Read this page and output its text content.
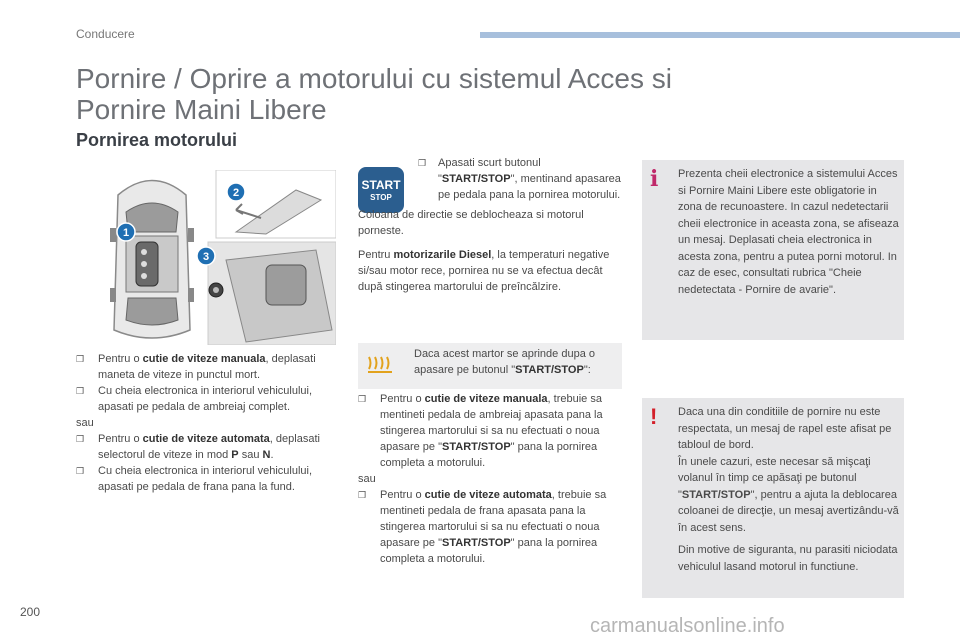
Conducere
Pornire / Oprire a motorului cu sistemul Acces si
Pornire Maini Libere
Pornirea motorului
1
2
3
❒ Pentru o cutie de viteze manuala, deplasati maneta de viteze in punctul mort.
❒ Cu cheia electronica in interiorul vehiculului, apasati pe pedala de ambreiaj complet.
sau
❒ Pentru o cutie de viteze automata, deplasati selectorul de viteze in mod P sau N.
❒ Cu cheia electronica in interiorul vehiculului, apasati pe pedala de frana pana la fund.
START
STOP
❒ Apasati scurt butonul "START/STOP", mentinand apasarea pe pedala pana la pornirea motorului.
Coloana de directie se deblocheaza si motorul porneste.
Pentru motorizarile Diesel, la temperaturi negative si/sau motor rece, pornirea nu se va efectua decât după stingerea martorului de preîncălzire.
Daca acest martor se aprinde dupa o apasare pe butonul "START/STOP":
❒ Pentru o cutie de viteze manuala, trebuie sa mentineti pedala de ambreiaj apasata pana la stingerea martorului si sa nu efectuati o noua apasare pe "START/STOP" pana la pornirea completa a motorului.
sau
❒ Pentru o cutie de viteze automata, trebuie sa mentineti pedala de frana apasata pana la stingerea martorului si sa nu efectuati o noua apasare pe "START/STOP" pana la pornirea completa a motorului.
i Prezenta cheii electronice a sistemului Acces si Pornire Maini Libere este obligatorie in zona de recunoastere. In cazul nedetectarii cheii electronice in aceasta zona, se afiseaza un mesaj. Deplasati cheia electronica in acesta zona, pentru a putea porni motorul. In caz de esec, consultati rubrica "Cheie nedetectata - Pornire de avarie".
! Daca una din conditiile de pornire nu este respectata, un mesaj de rapel este afisat pe tabloul de bord.
În unele cazuri, este necesar să mişcaţi volanul în timp ce apăsaţi pe butonul "START/STOP", pentru a ajuta la deblocarea coloanei de direcţie, un mesaj avertizându-vă în acest sens.
Din motive de siguranta, nu parasiti niciodata vehiculul lasand motorul in functiune.
200
carmanualsonline.info
